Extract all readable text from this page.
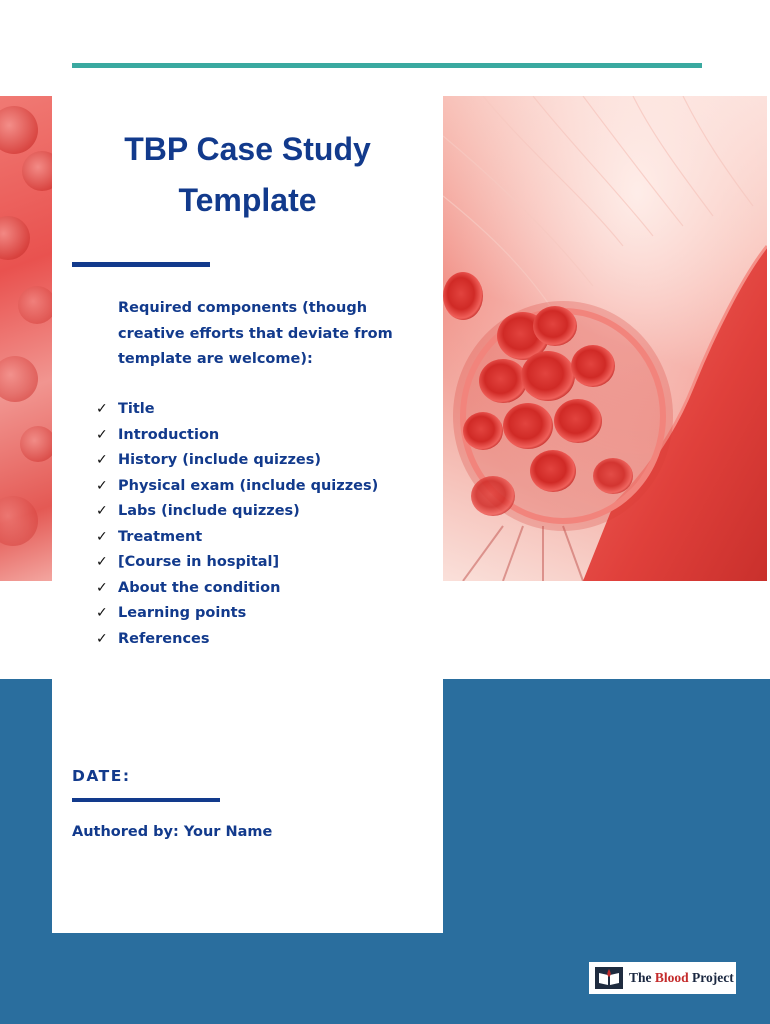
TBP Case Study
Template
Required components (though creative efforts that deviate from template are welcome):
✓ Title
✓ Introduction
✓ History (include quizzes)
✓ Physical exam (include quizzes)
✓ Labs (include quizzes)
✓ Treatment
✓ [Course in hospital]
✓ About the condition
✓ Learning points
✓ References
DATE:
Authored by: Your Name
The Blood Project
